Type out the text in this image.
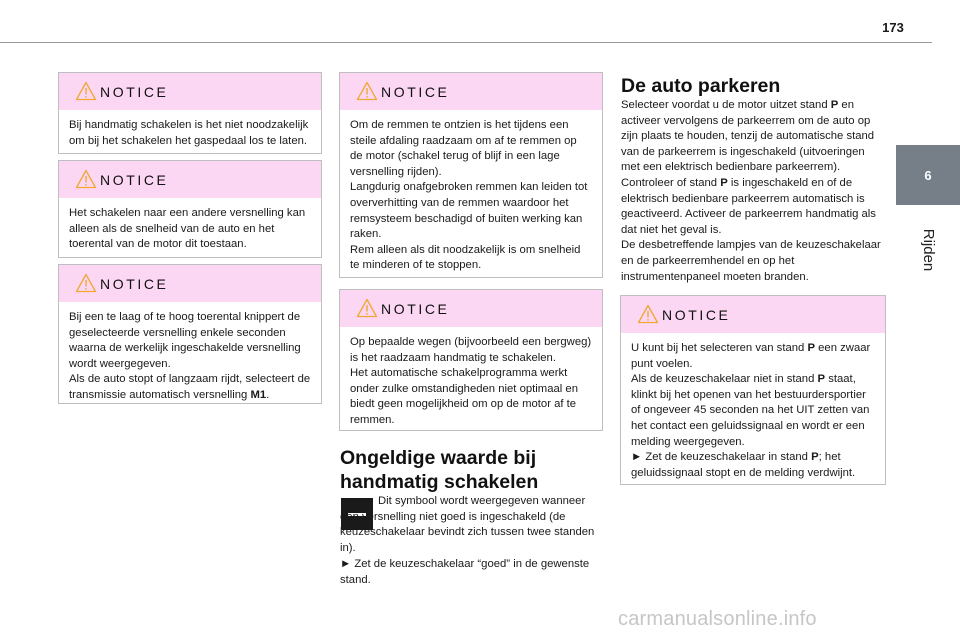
173
6
Rijden
NOTICE
Bij handmatig schakelen is het niet noodzakelijk om bij het schakelen het gaspedaal los te laten.
NOTICE
Het schakelen naar een andere versnelling kan alleen als de snelheid van de auto en het toerental van de motor dit toestaan.
NOTICE
Bij een te laag of te hoog toerental knippert de geselecteerde versnelling enkele seconden waarna de werkelijk ingeschakelde versnelling wordt weergegeven.
Als de auto stopt of langzaam rijdt, selecteert de transmissie automatisch versnelling M1.
NOTICE
Om de remmen te ontzien is het tijdens een steile afdaling raadzaam om af te remmen op de motor (schakel terug of blijf in een lage versnelling rijden).
Langdurig onafgebroken remmen kan leiden tot oververhitting van de remmen waardoor het remsysteem beschadigd of buiten werking kan raken.
Rem alleen als dit noodzakelijk is om snelheid te minderen of te stoppen.
NOTICE
Op bepaalde wegen (bijvoorbeeld een bergweg) is het raadzaam handmatig te schakelen.
Het automatische schakelprogramma werkt onder zulke omstandigheden niet optimaal en biedt geen mogelijkheid om op de motor af te remmen.
Ongeldige waarde bij
handmatig schakelen
Dit symbool wordt weergegeven wanneer een versnelling niet goed is ingeschakeld (de keuzeschakelaar bevindt zich tussen twee standen in).
► Zet de keuzeschakelaar “goed” in de gewenste stand.
De auto parkeren
Selecteer voordat u de motor uitzet stand P en activeer vervolgens de parkeerrem om de auto op zijn plaats te houden, tenzij de automatische stand van de parkeerrem is ingeschakeld (uitvoeringen met een elektrisch bedienbare parkeerrem).
Controleer of stand P is ingeschakeld en of de elektrisch bedienbare parkeerrem automatisch is geactiveerd. Activeer de parkeerrem handmatig als dat niet het geval is.
De desbetreffende lampjes van de keuzeschakelaar en de parkeerremhendel en op het instrumentenpaneel moeten branden.
NOTICE
U kunt bij het selecteren van stand P een zwaar punt voelen.
Als de keuzeschakelaar niet in stand P staat, klinkt bij het openen van het bestuurdersportier of ongeveer 45 seconden na het UIT zetten van het contact een geluidssignaal en wordt er een melding weergegeven.
► Zet de keuzeschakelaar in stand P; het geluidssignaal stopt en de melding verdwijnt.
carmanualsonline.info
